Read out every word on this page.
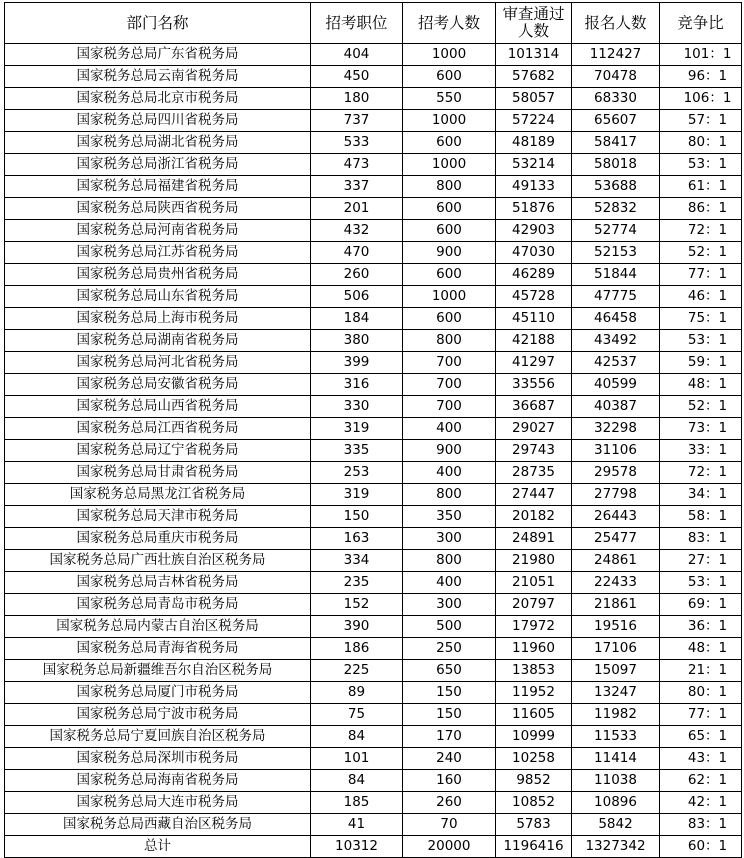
部门名称	招考职位	招考人数	审查通过人数	报名人数	竞争比
国家税务总局广东省税务局	404	1000	101314	112427	101：1
国家税务总局云南省税务局	450	600	57682	70478	96：1
国家税务总局北京市税务局	180	550	58057	68330	106：1
国家税务总局四川省税务局	737	1000	57224	65607	57：1
国家税务总局湖北省税务局	533	600	48189	58417	80：1
国家税务总局浙江省税务局	473	1000	53214	58018	53：1
国家税务总局福建省税务局	337	800	49133	53688	61：1
国家税务总局陕西省税务局	201	600	51876	52832	86：1
国家税务总局河南省税务局	432	600	42903	52774	72：1
国家税务总局江苏省税务局	470	900	47030	52153	52：1
国家税务总局贵州省税务局	260	600	46289	51844	77：1
国家税务总局山东省税务局	506	1000	45728	47775	46：1
国家税务总局上海市税务局	184	600	45110	46458	75：1
国家税务总局湖南省税务局	380	800	42188	43492	53：1
国家税务总局河北省税务局	399	700	41297	42537	59：1
国家税务总局安徽省税务局	316	700	33556	40599	48：1
国家税务总局山西省税务局	330	700	36687	40387	52：1
国家税务总局江西省税务局	319	400	29027	32298	73：1
国家税务总局辽宁省税务局	335	900	29743	31106	33：1
国家税务总局甘肃省税务局	253	400	28735	29578	72：1
国家税务总局黑龙江省税务局	319	800	27447	27798	34：1
国家税务总局天津市税务局	150	350	20182	26443	58：1
国家税务总局重庆市税务局	163	300	24891	25477	83：1
国家税务总局广西壮族自治区税务局	334	800	21980	24861	27：1
国家税务总局吉林省税务局	235	400	21051	22433	53：1
国家税务总局青岛市税务局	152	300	20797	21861	69：1
国家税务总局内蒙古自治区税务局	390	500	17972	19516	36：1
国家税务总局青海省税务局	186	250	11960	17106	48：1
国家税务总局新疆维吾尔自治区税务局	225	650	13853	15097	21：1
国家税务总局厦门市税务局	89	150	11952	13247	80：1
国家税务总局宁波市税务局	75	150	11605	11982	77：1
国家税务总局宁夏回族自治区税务局	84	170	10999	11533	65：1
国家税务总局深圳市税务局	101	240	10258	11414	43：1
国家税务总局海南省税务局	84	160	9852	11038	62：1
国家税务总局大连市税务局	185	260	10852	10896	42：1
国家税务总局西藏自治区税务局	41	70	5783	5842	83：1
总计	10312	20000	1196416	1327342	60：1
